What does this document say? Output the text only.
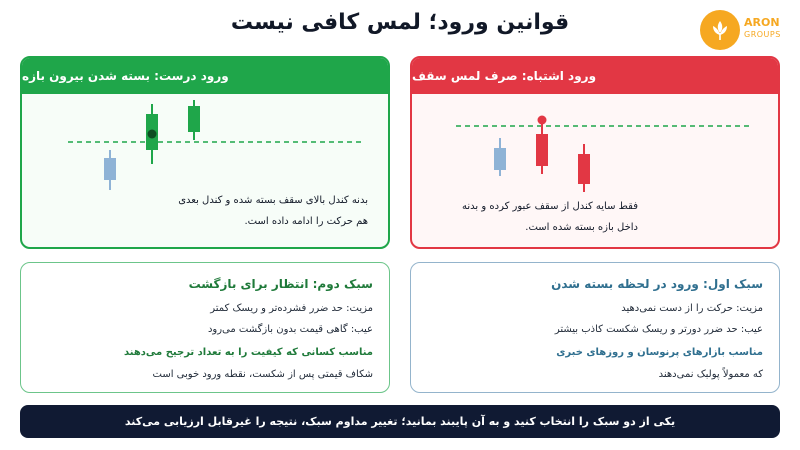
قوانین ورود؛ لمس کافی نیست	ARON
GROUPS
ورود درست: بسته شدن بیرون بازه
بدنه کندل بالای سقف بسته شده و کندل بعدی
هم حرکت را ادامه داده است.
ورود اشتباه: صرف لمس سقف
فقط سایه کندل از سقف عبور کرده و بدنه
داخل بازه بسته شده است.
سبک دوم: انتظار برای بازگشت
مزیت: حد ضرر فشرده‌تر و ریسک کمتر
عیب: گاهی قیمت بدون بازگشت می‌رود
مناسب کسانی که کیفیت را به تعداد ترجیح می‌دهند
شکاف قیمتی پس از شکست، نقطه ورود خوبی است
سبک اول: ورود در لحظه بسته شدن
مزیت: حرکت را از دست نمی‌دهید
عیب: حد ضرر دورتر و ریسک شکست کاذب بیشتر
مناسب بازارهای پرنوسان و روزهای خبری
که معمولاً پولبک نمی‌دهند
یکی از دو سبک را انتخاب کنید و به آن پایبند بمانید؛ تغییر مداوم سبک، نتیجه را غیرقابل ارزیابی می‌کند
